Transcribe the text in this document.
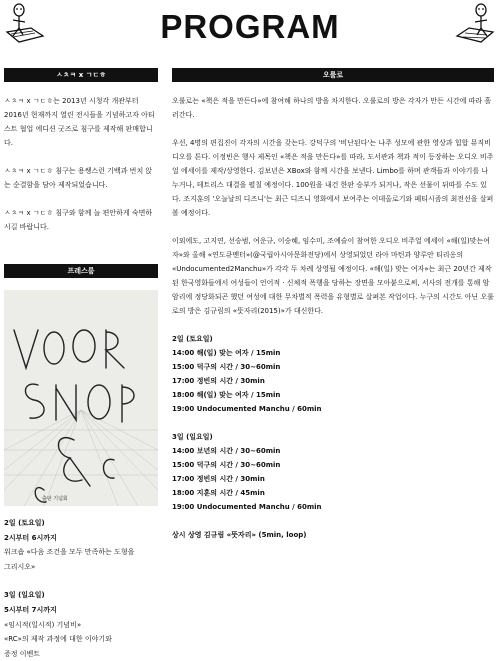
PROGRAM
ㅅㅊㅋ x ㄱㄷㅎ

ㅅㅊㅋ x ㄱㄷㅎ는 2013년 시청각 개관부터 2016년 현재까지 열린 전시들을 기념하고자 아티스트 협업 에디션 굿즈로 침구를 제작해 판매합니다.

ㅅㅊㅋ x ㄱㄷㅎ 침구는 용쌩스런 기백과 번치 앉는 순결함을 담아 제작되었습니다.

ㅅㅊㅋ x ㄱㄷㅎ 침구와 함께 늘 편안하게 숙면하시길 바랍니다.

프레스룸
출판 기념회
2일 (토요일)
2시부터 6시까지
워크숍 «다음 조건을 모두 만족하는 도형을
그리시오»
3일 (일요일)
5시부터 7시까지
«임시적(일시적) 기념비»
«RC»의 제작 과정에 대한 이야기와
증정 이벤트
오룰로

오룰로는 «책은 적을 만든다»에 참여해 하나의 방을 차지한다. 오룰로의 방은 각자가 만든 시간에 따라 흘러간다.

우선, 4명의 편집진이 각자의 시간을 갖는다. 강덕구의 '비난된다'는 나주 성모에 관한 영상과 힙합 뮤직비디오를 튼다. 이정빈은 행사 제목인 «책은 적을 만든다»를 따라, 도서관과 책과 적이 등장하는 오디오 비주얼 에세이를 제작/상영한다. 김보년은 XBox와 함께 시간을 보낸다. Limbo를 하며 관객들과 이야기를 나누거나, 테트리스 대결을 펼칠 예정이다. 100원을 내건 한판 승부가 되거나, 작은 선물이 뒤따를 수도 있다. 조지훈의 '오늘날의 디즈니'는 최근 디즈니 영화에서 보여주는 이데올로기와 페티시즘의 최전선을 살펴볼 예정이다.

이외에도, 고지연, 선승범, 여운규, 이승혜, 임수미, 조예슬이 참여한 오디오 비주얼 에세이 «해(일)맞는여자»와 올해 «연도큐멘터»(@국립아시아문화전당)에서 상영되었던 라아 마틴과 양루안 티리옹의 «Undocumented2Manchu»가 각각 두 차례 상영될 예정이다. «해(일) 맞는 여자»는 최근 20년간 제작된 한국영화들에서 여성들이 언어적 · 신체적 폭행을 당하는 장면을 모아붙으로써, 서사의 전개를 통해 암암리에 정당화되곤 했던 여성에 대한 무차별적 폭력을 유형별로 살펴본 작업이다. 누구의 시간도 아닌 오룰로의 방은 김규림의 «뚯자리(2015)»가 대신한다.

2일 (토요일)
14:00 해(일) 맞는 여자 / 15min
15:00 덕구의 시간 / 30~60min
17:00 정빈의 시간 / 30min
18:00 해(일) 맞는 여자 / 15min
19:00 Undocumented Manchu / 60min
3일 (일요일)
14:00 보년의 시간 / 30~60min
15:00 덕구의 시간 / 30~60min
17:00 정빈의 시간 / 30min
18:00 지훈의 시간 / 45min
19:00 Undocumented Manchu / 60min

상시 상영 김규림 «뚯자리» (5min, loop)
